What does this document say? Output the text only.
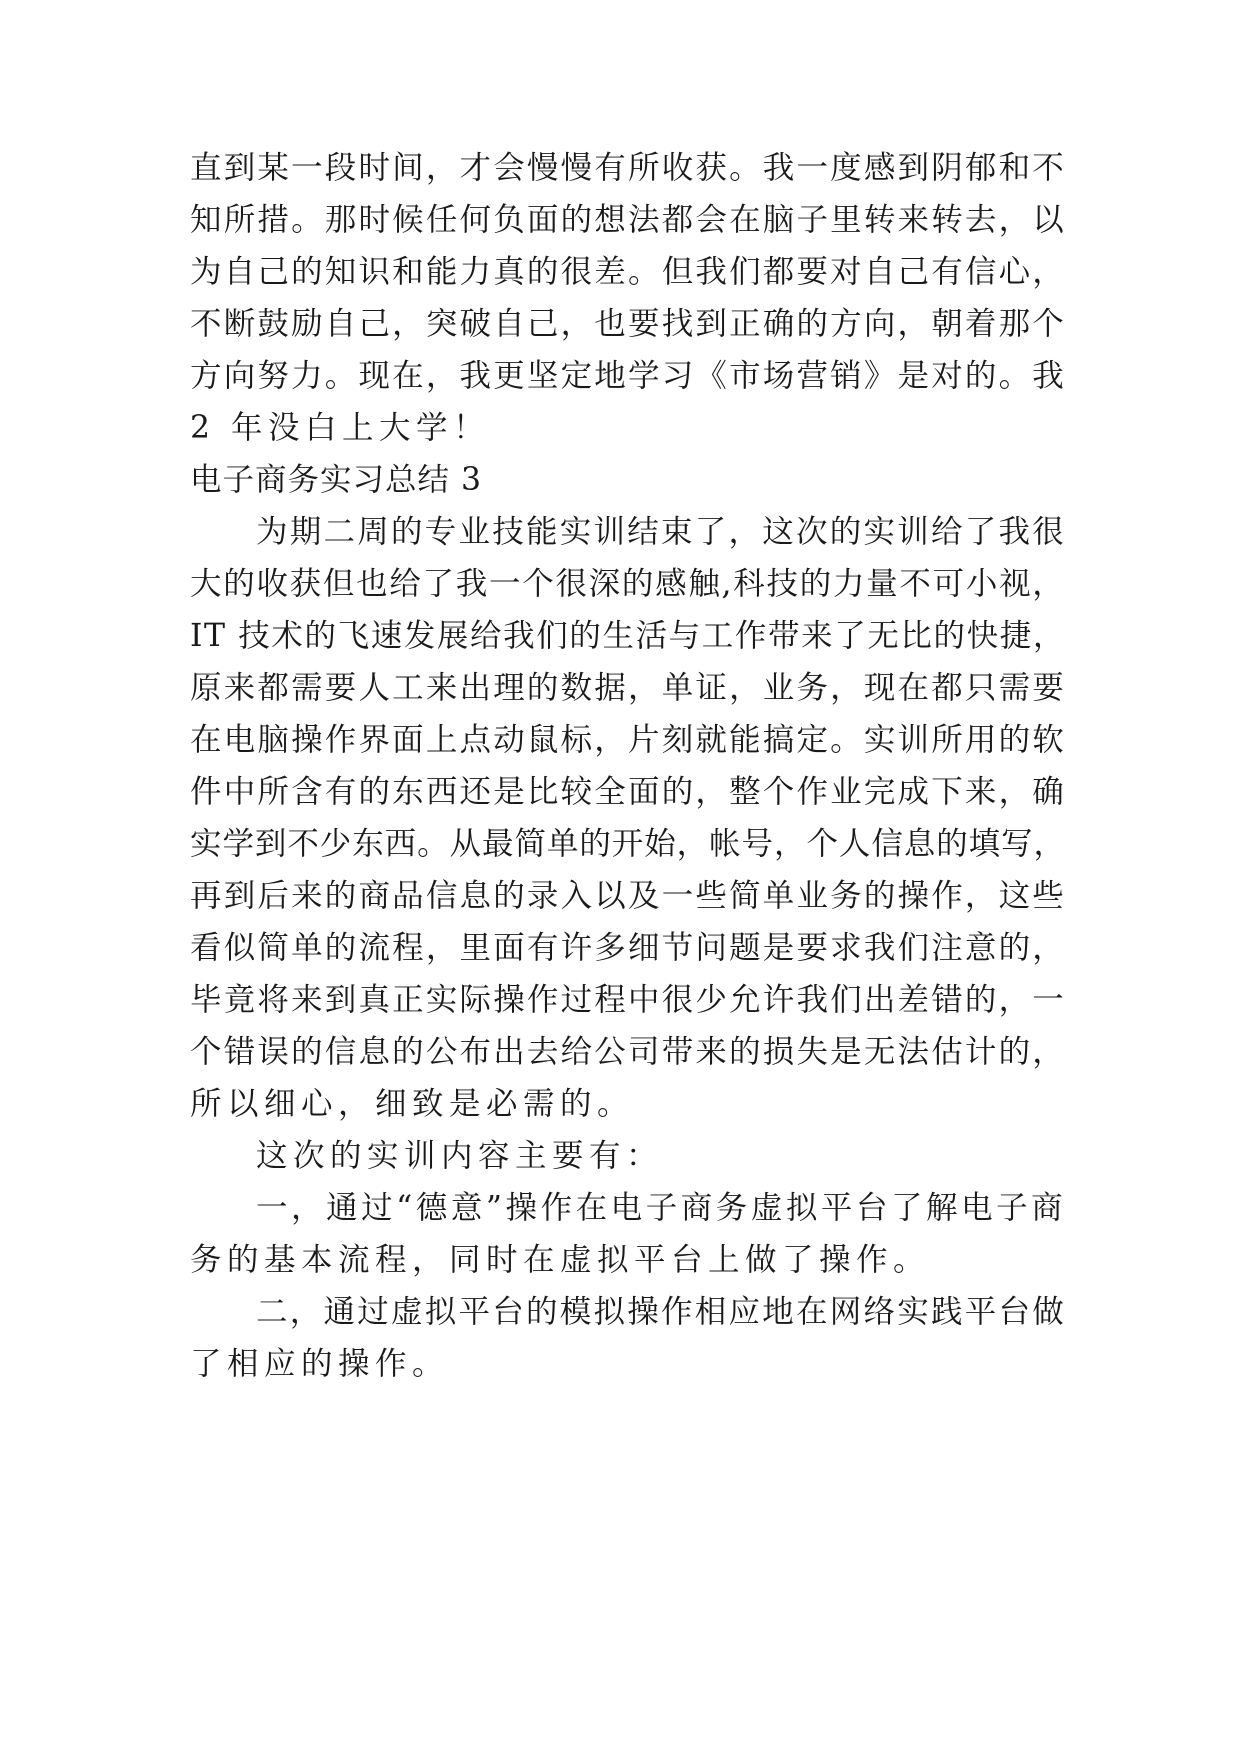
直到某一段时间，才会慢慢有所收获。我一度感到阴郁和不
知所措。那时候任何负面的想法都会在脑子里转来转去，以
为自己的知识和能力真的很差。但我们都要对自己有信心，
不断鼓励自己，突破自己，也要找到正确的方向，朝着那个
方向努力。现在，我更坚定地学习《市场营销》是对的。我
2 年没白上大学！
电子商务实习总结 3
为期二周的专业技能实训结束了，这次的实训给了我很
大的收获但也给了我一个很深的感触,科技的力量不可小视，
IT 技术的飞速发展给我们的生活与工作带来了无比的快捷，
原来都需要人工来出理的数据，单证，业务，现在都只需要
在电脑操作界面上点动鼠标，片刻就能搞定。实训所用的软
件中所含有的东西还是比较全面的，整个作业完成下来，确
实学到不少东西。从最简单的开始，帐号，个人信息的填写，
再到后来的商品信息的录入以及一些简单业务的操作，这些
看似简单的流程，里面有许多细节问题是要求我们注意的，
毕竟将来到真正实际操作过程中很少允许我们出差错的，一
个错误的信息的公布出去给公司带来的损失是无法估计的，
所以细心，细致是必需的。
这次的实训内容主要有：
一，通过“德意”操作在电子商务虚拟平台了解电子商
务的基本流程，同时在虚拟平台上做了操作。
二，通过虚拟平台的模拟操作相应地在网络实践平台做
了相应的操作。
